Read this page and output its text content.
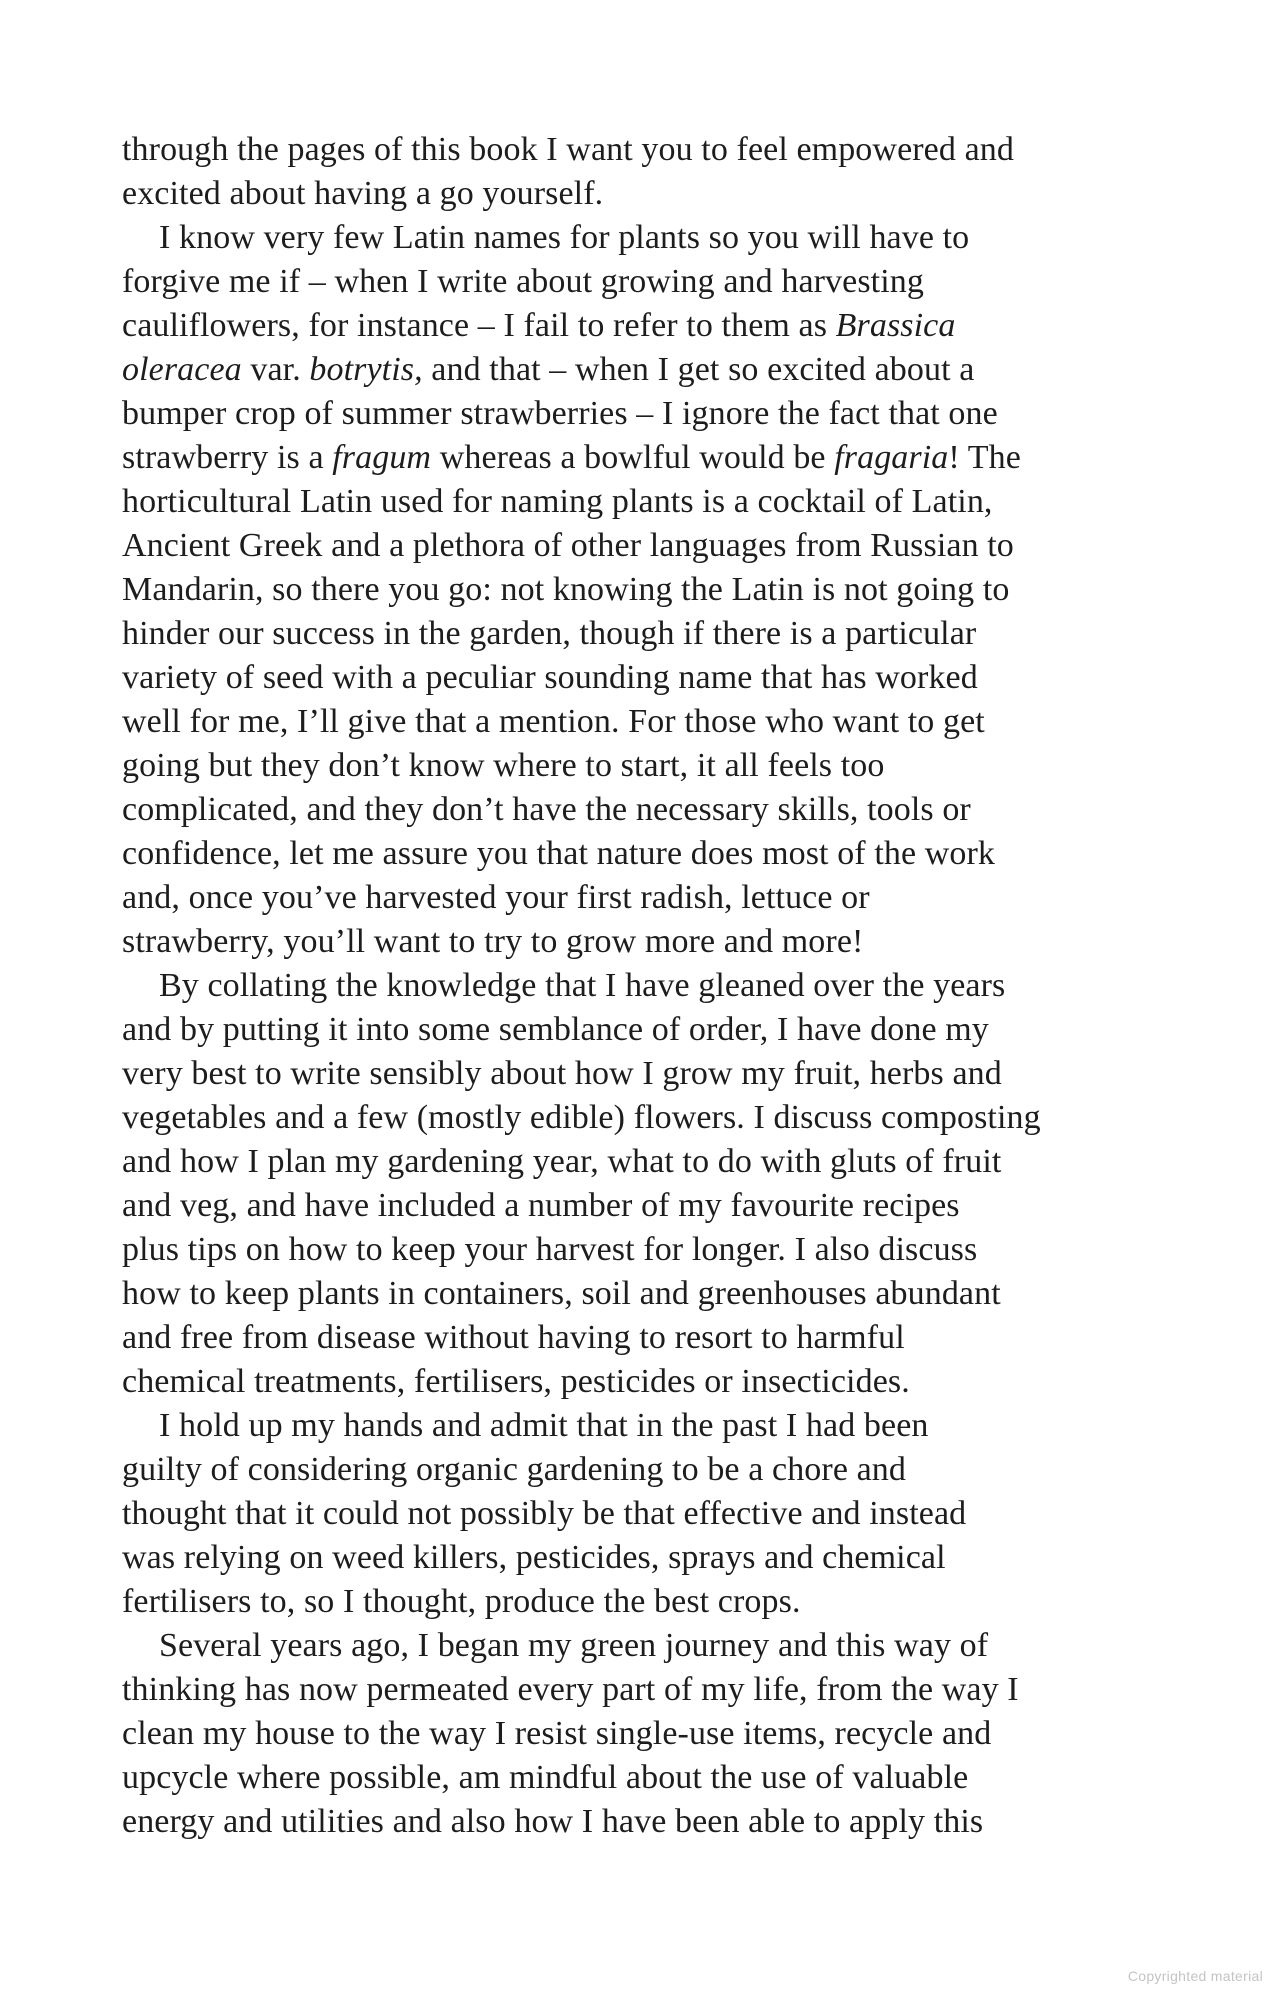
through the pages of this book I want you to feel empowered and
excited about having a go yourself.
I know very few Latin names for plants so you will have to
forgive me if – when I write about growing and harvesting
cauliflowers, for instance – I fail to refer to them as Brassica
oleracea var. botrytis, and that – when I get so excited about a
bumper crop of summer strawberries – I ignore the fact that one
strawberry is a fragum whereas a bowlful would be fragaria! The
horticultural Latin used for naming plants is a cocktail of Latin,
Ancient Greek and a plethora of other languages from Russian to
Mandarin, so there you go: not knowing the Latin is not going to
hinder our success in the garden, though if there is a particular
variety of seed with a peculiar sounding name that has worked
well for me, I’ll give that a mention. For those who want to get
going but they don’t know where to start, it all feels too
complicated, and they don’t have the necessary skills, tools or
confidence, let me assure you that nature does most of the work
and, once you’ve harvested your first radish, lettuce or
strawberry, you’ll want to try to grow more and more!
By collating the knowledge that I have gleaned over the years
and by putting it into some semblance of order, I have done my
very best to write sensibly about how I grow my fruit, herbs and
vegetables and a few (mostly edible) flowers. I discuss composting
and how I plan my gardening year, what to do with gluts of fruit
and veg, and have included a number of my favourite recipes
plus tips on how to keep your harvest for longer. I also discuss
how to keep plants in containers, soil and greenhouses abundant
and free from disease without having to resort to harmful
chemical treatments, fertilisers, pesticides or insecticides.
I hold up my hands and admit that in the past I had been
guilty of considering organic gardening to be a chore and
thought that it could not possibly be that effective and instead
was relying on weed killers, pesticides, sprays and chemical
fertilisers to, so I thought, produce the best crops.
Several years ago, I began my green journey and this way of
thinking has now permeated every part of my life, from the way I
clean my house to the way I resist single-use items, recycle and
upcycle where possible, am mindful about the use of valuable
energy and utilities and also how I have been able to apply this
Copyrighted material
